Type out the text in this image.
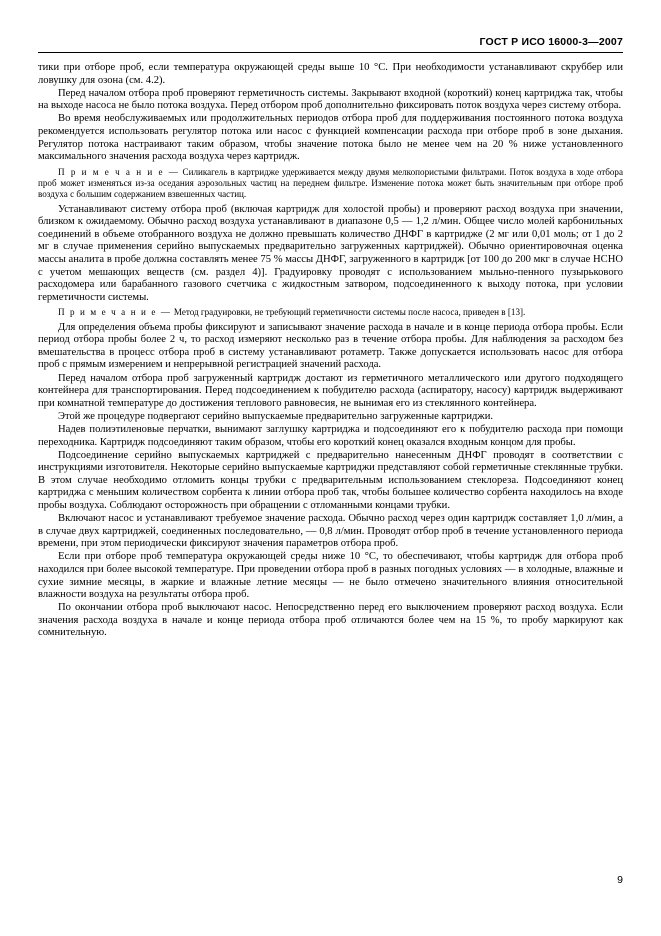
ГОСТ Р ИСО 16000-3—2007

тики при отборе проб, если температура окружающей среды выше 10 °С. При необходимости устанавливают скруббер или ловушку для озона (см. 4.2).

Перед началом отбора проб проверяют герметичность системы. Закрывают входной (короткий) конец картриджа так, чтобы на выходе насоса не было потока воздуха. Перед отбором проб дополнительно фиксировать поток воздуха через систему отбора.

Во время необслуживаемых или продолжительных периодов отбора проб для поддерживания постоянного потока воздуха рекомендуется использовать регулятор потока или насос с функцией компенсации расхода при отборе проб в зоне дыхания. Регулятор потока настраивают таким образом, чтобы значение потока было не менее чем на 20 % ниже установленного максимального значения расхода воздуха через картридж.

П р и м е ч а н и е — Силикагель в картридже удерживается между двумя мелкопористыми фильтрами. Поток воздуха в ходе отбора проб может изменяться из-за оседания аэрозольных частиц на переднем фильтре. Изменение потока может быть значительным при отборе проб воздуха с большим содержанием взвешенных частиц.

Устанавливают систему отбора проб (включая картридж для холостой пробы) и проверяют расход воздуха при значении, близком к ожидаемому. Обычно расход воздуха устанавливают в диапазоне 0,5 — 1,2 л/мин. Общее число молей карбонильных соединений в объеме отобранного воздуха не должно превышать количество ДНФГ в картридже (2 мг или 0,01 моль; от 1 до 2 мг в случае применения серийно выпускаемых предварительно загруженных картриджей). Обычно ориентировочная оценка массы аналита в пробе должна составлять менее 75 % массы ДНФГ, загруженного в картридж [от 100 до 200 мкг в случае НСНО с учетом мешающих веществ (см. раздел 4)]. Градуировку проводят с использованием мыльно-пенного пузырькового расходомера или барабанного газового счетчика с жидкостным затвором, подсоединенного к выходу потока, при условии герметичности системы.

П р и м е ч а н и е — Метод градуировки, не требующий герметичности системы после насоса, приведен в [13].

Для определения объема пробы фиксируют и записывают значение расхода в начале и в конце периода отбора пробы. Если период отбора пробы более 2 ч, то расход измеряют несколько раз в течение отбора пробы. Для наблюдения за расходом без вмешательства в процесс отбора проб в систему устанавливают ротаметр. Также допускается использовать насос для отбора проб с прямым измерением и непрерывной регистрацией значений расхода.

Перед началом отбора проб загруженный картридж достают из герметичного металлического или другого подходящего контейнера для транспортирования. Перед подсоединением к побудителю расхода (аспиратору, насосу) картридж выдерживают при комнатной температуре до достижения теплового равновесия, не вынимая его из стеклянного контейнера.

Этой же процедуре подвергают серийно выпускаемые предварительно загруженные картриджи.

Надев полиэтиленовые перчатки, вынимают заглушку картриджа и подсоединяют его к побудителю расхода при помощи переходника. Картридж подсоединяют таким образом, чтобы его короткий конец оказался входным концом для пробы.

Подсоединение серийно выпускаемых картриджей с предварительно нанесенным ДНФГ проводят в соответствии с инструкциями изготовителя. Некоторые серийно выпускаемые картриджи представляют собой герметичные стеклянные трубки. В этом случае необходимо отломить концы трубки с предварительным использованием стеклореза. Подсоединяют конец картриджа с меньшим количеством сорбента к линии отбора проб так, чтобы большее количество сорбента находилось на входе пробы воздуха. Соблюдают осторожность при обращении с отломанными концами трубки.

Включают насос и устанавливают требуемое значение расхода. Обычно расход через один картридж составляет 1,0 л/мин, а в случае двух картриджей, соединенных последовательно, — 0,8 л/мин. Проводят отбор проб в течение установленного периода времени, при этом периодически фиксируют значения параметров отбора проб.

Если при отборе проб температура окружающей среды ниже 10 °С, то обеспечивают, чтобы картридж для отбора проб находился при более высокой температуре. При проведении отбора проб в разных погодных условиях — в холодные, влажные и сухие зимние месяцы, в жаркие и влажные летние месяцы — не было отмечено значительного влияния относительной влажности воздуха на результаты отбора проб.

По окончании отбора проб выключают насос. Непосредственно перед его выключением проверяют расход воздуха. Если значения расхода воздуха в начале и конце периода отбора проб отличаются более чем на 15 %, то пробу маркируют как сомнительную.

9
